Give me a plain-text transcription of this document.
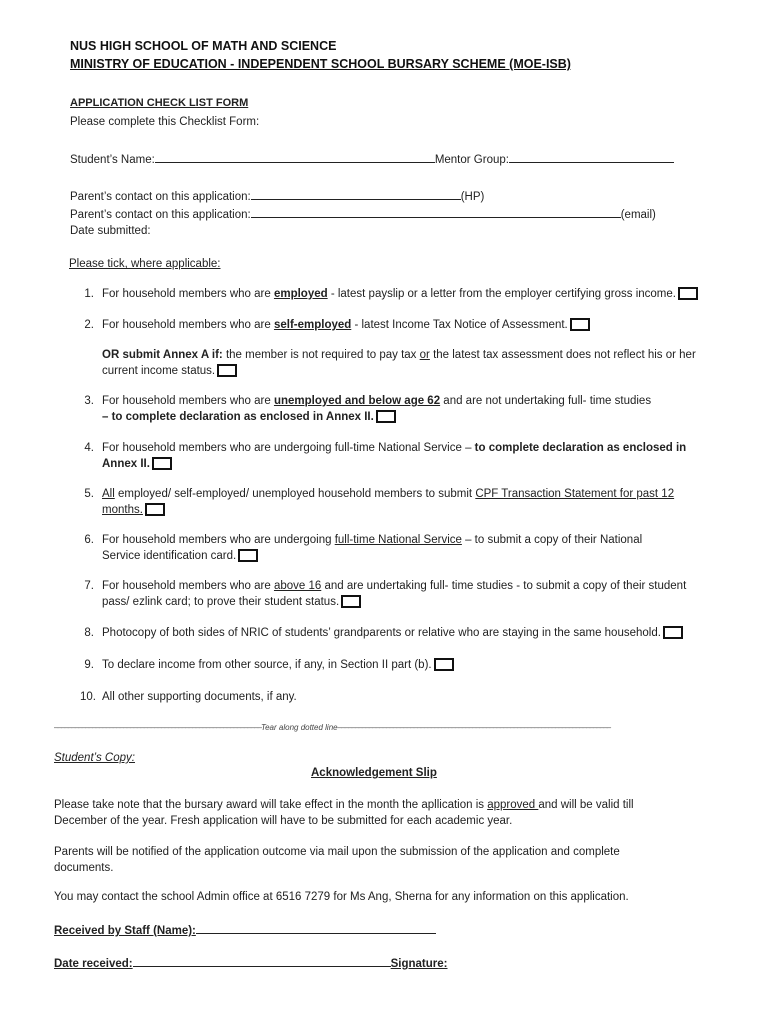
NUS HIGH SCHOOL OF MATH AND SCIENCE
MINISTRY OF EDUCATION - INDEPENDENT SCHOOL BURSARY SCHEME (MOE-ISB)
APPLICATION CHECK LIST FORM
Please complete this Checklist Form:
Student’s Name:	Mentor Group:
Parent’s contact on this application:	(HP)
Parent’s contact on this application:	(email)
Date submitted:
Please tick, where applicable:
1. For household members who are employed - latest payslip or a letter from the employer certifying gross income.
2. For household members who are self-employed - latest Income Tax Notice of Assessment.
OR submit Annex A if: the member is not required to pay tax or the latest tax assessment does not reflect his or her current income status.
3. For household members who are unemployed and below age 62 and are not undertaking full- time studies
– to complete declaration as enclosed in Annex II.
4. For household members who are undergoing full-time National Service – to complete declaration as enclosed in Annex II.
5. All employed/ self-employed/ unemployed household members to submit CPF Transaction Statement for past 12 months.
6. For household members who are undergoing full-time National Service – to submit a copy of their National Service identification card.
7. For household members who are above 16 and are undertaking full- time studies - to submit a copy of their student pass/ ezlink card; to prove their student status.
8. Photocopy of both sides of NRIC of students’ grandparents or relative who are staying in the same household.
9. To declare income from other source, if any, in Section II part (b).
10. All other supporting documents, if any.
––––––––––––––––––––––––––––––––––––––––––––––––––––––––––––Tear along dotted line–––––––––––––––––––––––––––––––––––––––––––––––––––––––––––––––––––––––––––––––
Student’s Copy:
Acknowledgement Slip
Please take note that the bursary award will take effect in the month the apllication is approved and will be valid till December of the year. Fresh application will have to be submitted for each academic year.
Parents will be notified of the application outcome via mail upon the submission of the application and complete documents.
You may contact the school Admin office at 6516 7279 for Ms Ang, Sherna for any information on this application.
Received by Staff (Name):
Date received:	Signature:
